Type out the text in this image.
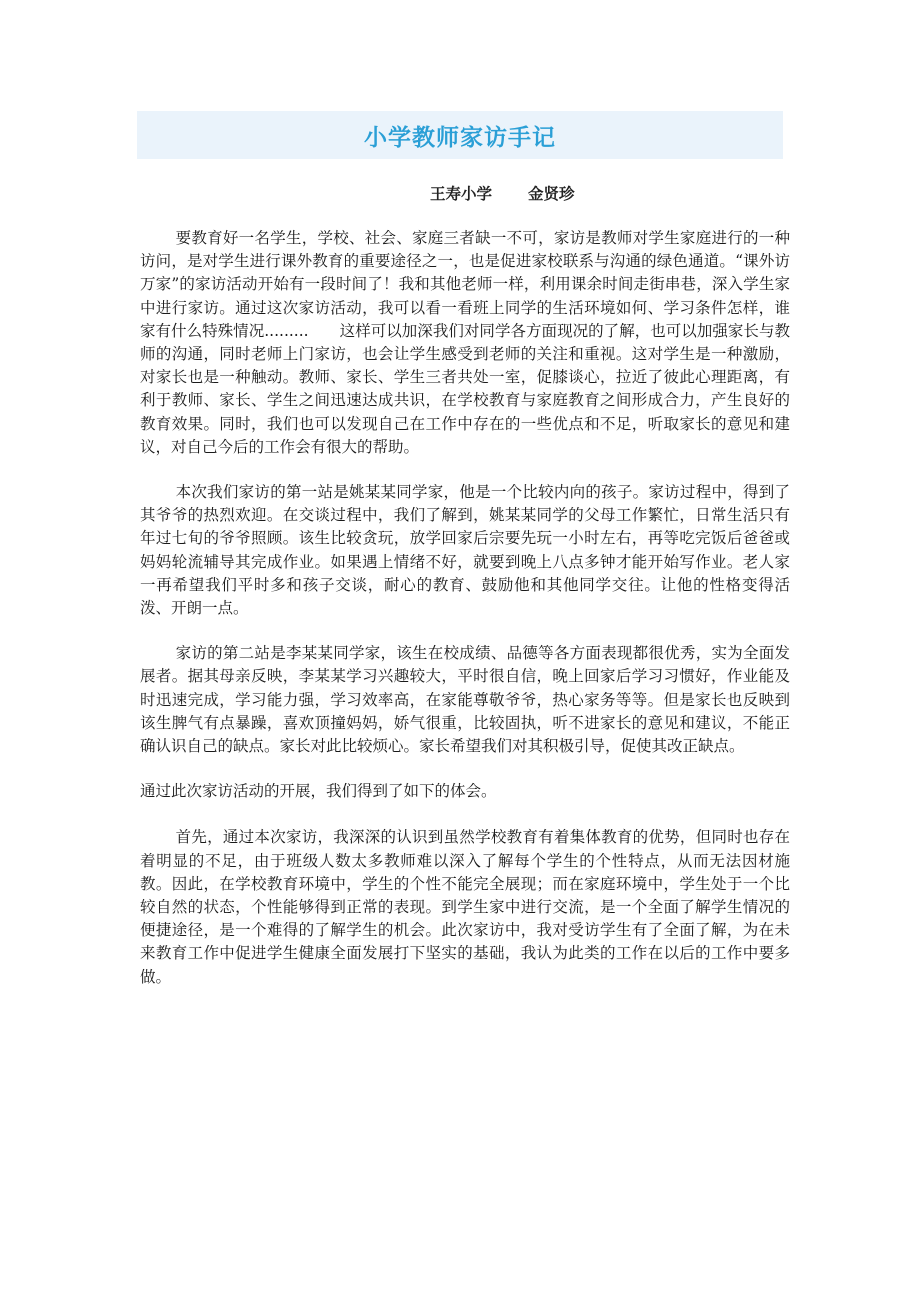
小学教师家访手记
王寿小学 金贤珍

要教育好一名学生，学校、社会、家庭三者缺一不可，家访是教师对学生家庭进行的一种访问，是对学生进行课外教育的重要途径之一，也是促进家校联系与沟通的绿色通道。“课外访万家”的家访活动开始有一段时间了！我和其他老师一样，利用课余时间走街串巷，深入学生家中进行家访。通过这次家访活动，我可以看一看班上同学的生活环境如何、学习条件怎样，谁家有什么特殊情况.........　　这样可以加深我们对同学各方面现况的了解，也可以加强家长与教师的沟通，同时老师上门家访，也会让学生感受到老师的关注和重视。这对学生是一种激励，对家长也是一种触动。教师、家长、学生三者共处一室，促膝谈心，拉近了彼此心理距离，有利于教师、家长、学生之间迅速达成共识，在学校教育与家庭教育之间形成合力，产生良好的教育效果。同时，我们也可以发现自己在工作中存在的一些优点和不足，听取家长的意见和建议，对自己今后的工作会有很大的帮助。

本次我们家访的第一站是姚某某同学家，他是一个比较内向的孩子。家访过程中，得到了其爷爷的热烈欢迎。在交谈过程中，我们了解到，姚某某同学的父母工作繁忙，日常生活只有年过七旬的爷爷照顾。该生比较贪玩，放学回家后宗要先玩一小时左右，再等吃完饭后爸爸或妈妈轮流辅导其完成作业。如果遇上情绪不好，就要到晚上八点多钟才能开始写作业。老人家一再希望我们平时多和孩子交谈，耐心的教育、鼓励他和其他同学交往。让他的性格变得活泼、开朗一点。

家访的第二站是李某某同学家，该生在校成绩、品德等各方面表现都很优秀，实为全面发展者。据其母亲反映，李某某学习兴趣较大，平时很自信，晚上回家后学习习惯好，作业能及时迅速完成，学习能力强，学习效率高，在家能尊敬爷爷，热心家务等等。但是家长也反映到该生脾气有点暴躁，喜欢顶撞妈妈，娇气很重，比较固执，听不进家长的意见和建议，不能正确认识自己的缺点。家长对此比较烦心。家长希望我们对其积极引导，促使其改正缺点。

通过此次家访活动的开展，我们得到了如下的体会。

首先，通过本次家访，我深深的认识到虽然学校教育有着集体教育的优势，但同时也存在着明显的不足，由于班级人数太多教师难以深入了解每个学生的个性特点，从而无法因材施教。因此，在学校教育环境中，学生的个性不能完全展现；而在家庭环境中，学生处于一个比较自然的状态，个性能够得到正常的表现。到学生家中进行交流，是一个全面了解学生情况的便捷途径，是一个难得的了解学生的机会。此次家访中，我对受访学生有了全面了解，为在未来教育工作中促进学生健康全面发展打下坚实的基础，我认为此类的工作在以后的工作中要多做。
